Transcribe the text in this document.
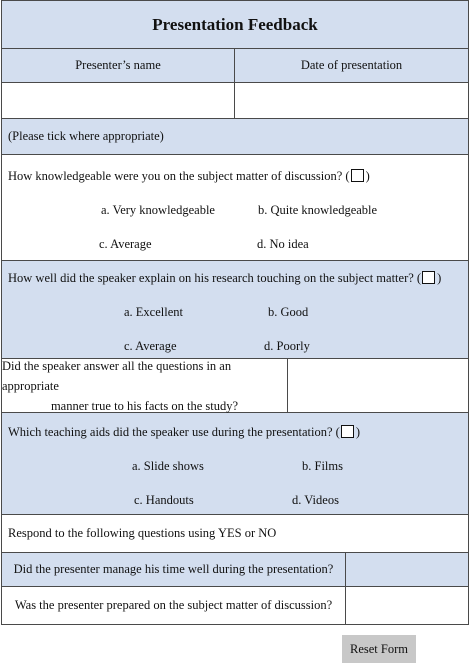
Presentation Feedback
Presenter’s name	Date of presentation
(Please tick where appropriate)
How knowledgeable were you on the subject matter of discussion? ( )
a. Very knowledgeable	b. Quite knowledgeable
c. Average	d. No idea
How well did the speaker explain on his research touching on the subject matter? ( )
a. Excellent	b. Good
c. Average	d. Poorly
Did the speaker answer all the questions in an appropriate
manner true to his facts on the study?
Which teaching aids did the speaker use during the presentation? ( )
a. Slide shows	b. Films
c. Handouts	d. Videos
Respond to the following questions using YES or NO
Did the presenter manage his time well during the presentation?
Was the presenter prepared on the subject matter of discussion?
Reset Form
